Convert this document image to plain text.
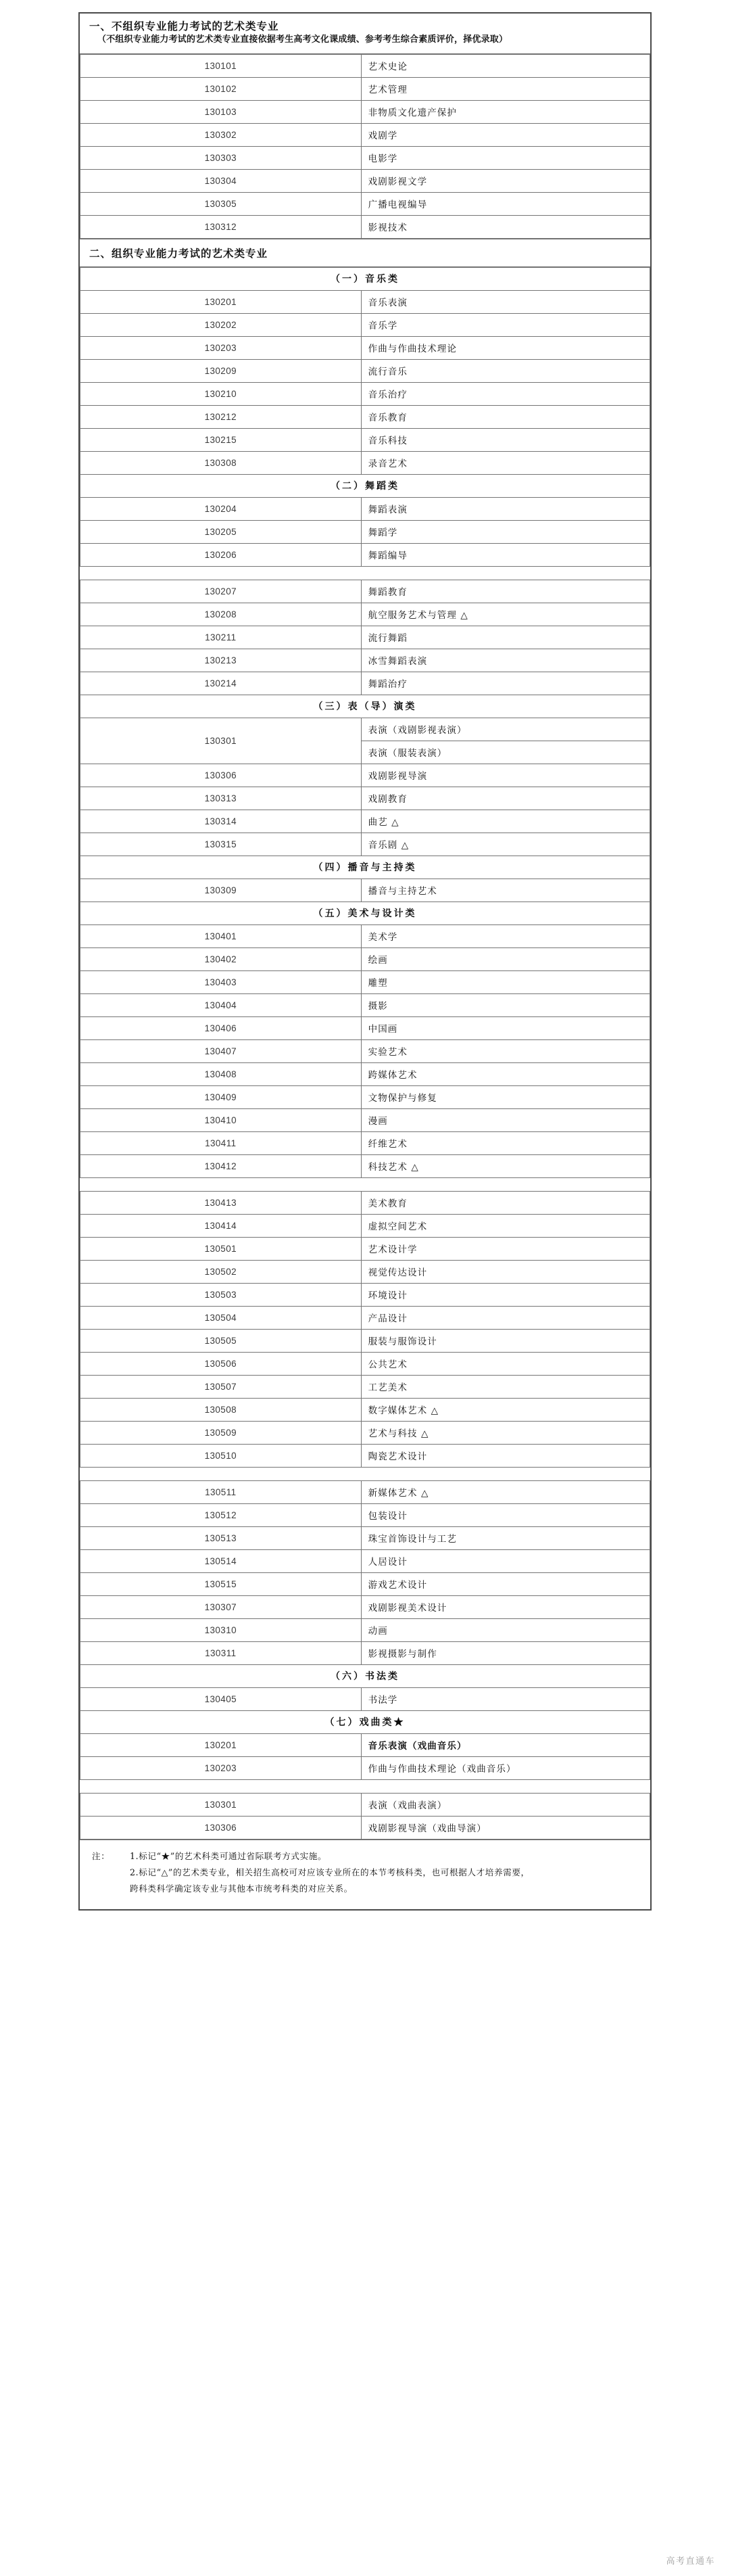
一、不组织专业能力考试的艺术类专业
（不组织专业能力考试的艺术类专业直接依据考生高考文化课成绩、参考考生综合素质评价，择优录取）
130101	艺术史论
130102	艺术管理
130103	非物质文化遗产保护
130302	戏剧学
130303	电影学
130304	戏剧影视文学
130305	广播电视编导
130312	影视技术
二、组织专业能力考试的艺术类专业
（一）音乐类	
130201	音乐表演
130202	音乐学
130203	作曲与作曲技术理论
130209	流行音乐
130210	音乐治疗
130212	音乐教育
130215	音乐科技
130308	录音艺术
（二）舞蹈类	
130204	舞蹈表演
130205	舞蹈学
130206	舞蹈编导

130207	舞蹈教育
130208	航空服务艺术与管理 △
130211	流行舞蹈
130213	冰雪舞蹈表演
130214	舞蹈治疗
（三）表（导）演类	
130301	表演（戏剧影视表演）
	表演（服装表演）
130306	戏剧影视导演
130313	戏剧教育
130314	曲艺 △
130315	音乐剧 △
（四）播音与主持类	
130309	播音与主持艺术
（五）美术与设计类	
130401	美术学
130402	绘画
130403	雕塑
130404	摄影
130406	中国画
130407	实验艺术
130408	跨媒体艺术
130409	文物保护与修复
130410	漫画
130411	纤维艺术
130412	科技艺术 △

130413	美术教育
130414	虚拟空间艺术
130501	艺术设计学
130502	视觉传达设计
130503	环境设计
130504	产品设计
130505	服装与服饰设计
130506	公共艺术
130507	工艺美术
130508	数字媒体艺术 △
130509	艺术与科技 △
130510	陶瓷艺术设计

130511	新媒体艺术 △
130512	包装设计
130513	珠宝首饰设计与工艺
130514	人居设计
130515	游戏艺术设计
130307	戏剧影视美术设计
130310	动画
130311	影视摄影与制作
（六）书法类	
130405	书法学
（七）戏曲类★	
130201	音乐表演（戏曲音乐）
130203	作曲与作曲技术理论（戏曲音乐）

130301	表演（戏曲表演）
130306	戏剧影视导演（戏曲导演）
注：	1.标记“★”的艺术科类可通过省际联考方式实施。
2.标记“△”的艺术类专业，相关招生高校可对应该专业所在的本节考核科类，也可根据人才培养需要，
跨科类科学确定该专业与其他本市统考科类的对应关系。
高考直通车
